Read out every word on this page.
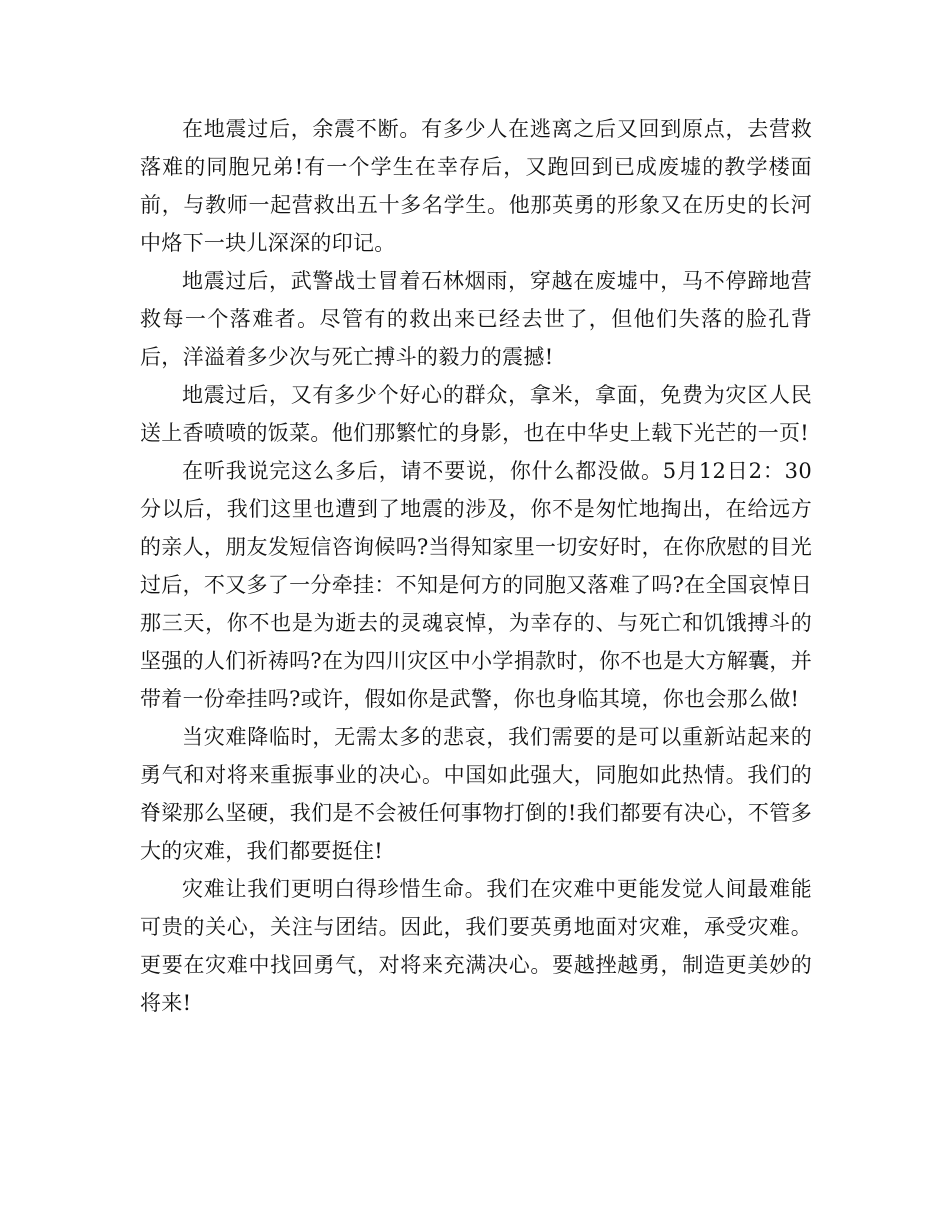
在地震过后，余震不断。有多少人在逃离之后又回到原点，去营救落难的同胞兄弟!有一个学生在幸存后，又跑回到已成废墟的教学楼面前，与教师一起营救出五十多名学生。他那英勇的形象又在历史的长河中烙下一块儿深深的印记。

地震过后，武警战士冒着石林烟雨，穿越在废墟中，马不停蹄地营救每一个落难者。尽管有的救出来已经去世了，但他们失落的脸孔背后，洋溢着多少次与死亡搏斗的毅力的震撼!

地震过后，又有多少个好心的群众，拿米，拿面，免费为灾区人民送上香喷喷的饭菜。他们那繁忙的身影，也在中华史上载下光芒的一页!

在听我说完这么多后，请不要说，你什么都没做。5月12日2：30分以后，我们这里也遭到了地震的涉及，你不是匆忙地掏出，在给远方的亲人，朋友发短信咨询候吗?当得知家里一切安好时，在你欣慰的目光过后，不又多了一分牵挂：不知是何方的同胞又落难了吗?在全国哀悼日那三天，你不也是为逝去的灵魂哀悼，为幸存的、与死亡和饥饿搏斗的坚强的人们祈祷吗?在为四川灾区中小学捐款时，你不也是大方解囊，并带着一份牵挂吗?或许，假如你是武警，你也身临其境，你也会那么做!

当灾难降临时，无需太多的悲哀，我们需要的是可以重新站起来的勇气和对将来重振事业的决心。中国如此强大，同胞如此热情。我们的脊梁那么坚硬，我们是不会被任何事物打倒的!我们都要有决心，不管多大的灾难，我们都要挺住!

灾难让我们更明白得珍惜生命。我们在灾难中更能发觉人间最难能可贵的关心，关注与团结。因此，我们要英勇地面对灾难，承受灾难。更要在灾难中找回勇气，对将来充满决心。要越挫越勇，制造更美妙的将来!
